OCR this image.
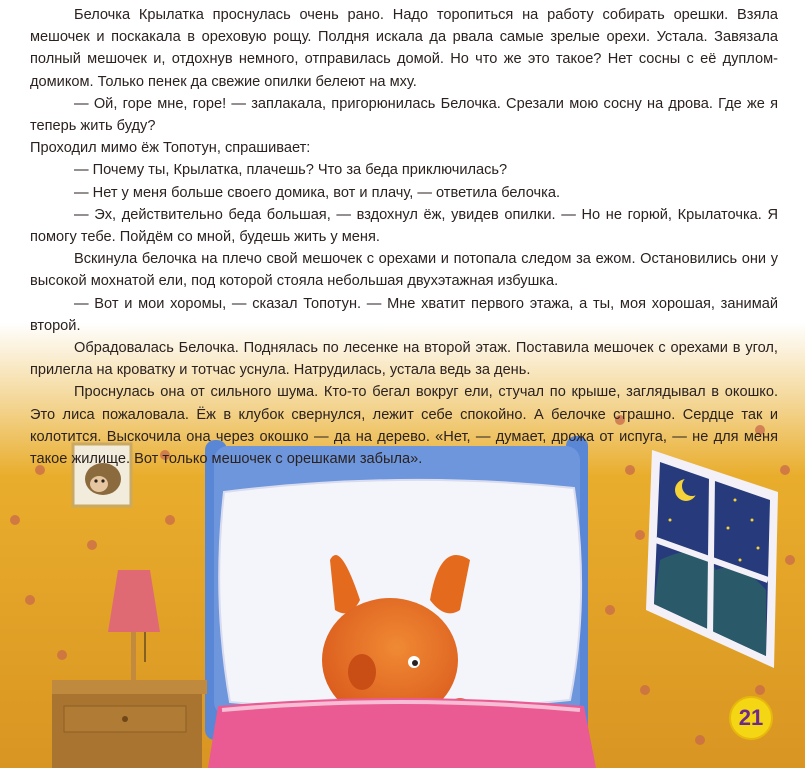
Белочка Крылатка проснулась очень рано. Надо торопиться на работу собирать орешки. Взяла мешочек и поскакала в ореховую рощу. Полдня искала да рвала самые зрелые орехи. Устала. Завязала полный мешочек и, отдохнув немного, отправилась домой. Но что же это такое? Нет сосны с её дуплом-домиком. Только пенек да свежие опилки белеют на мху.

— Ой, горе мне, горе! — заплакала, пригорюнилась Белочка. Срезали мою сосну на дрова. Где же я теперь жить буду?

Проходил мимо ёж Топотун, спрашивает:

— Почему ты, Крылатка, плачешь? Что за беда приключилась?

— Нет у меня больше своего домика, вот и плачу, — ответила белочка.

— Эх, действительно беда большая, — вздохнул ёж, увидев опилки. — Но не горюй, Крылаточка. Я помогу тебе. Пойдём со мной, будешь жить у меня.

Вскинула белочка на плечо свой мешочек с орехами и потопала следом за ежом. Остановились они у высокой мохнатой ели, под которой стояла небольшая двухэтажная избушка.

— Вот и мои хоромы, — сказал Топотун. — Мне хватит первого этажа, а ты, моя хорошая, занимай второй.

Обрадовалась Белочка. Поднялась по лесенке на второй этаж. Поставила мешочек с орехами в угол, прилегла на кроватку и тотчас уснула. Натрудилась, устала ведь за день.

Проснулась она от сильного шума. Кто-то бегал вокруг ели, стучал по крыше, заглядывал в окошко. Это лиса пожаловала. Ёж в клубок свернулся, лежит себе спокойно. А белочке страшно. Сердце так и колотится. Выскочила она через окошко — да на дерево. «Нет, — думает, дрожа от испуга, — не для меня такое жилище. Вот только мешочек с орешками забыла».

21
